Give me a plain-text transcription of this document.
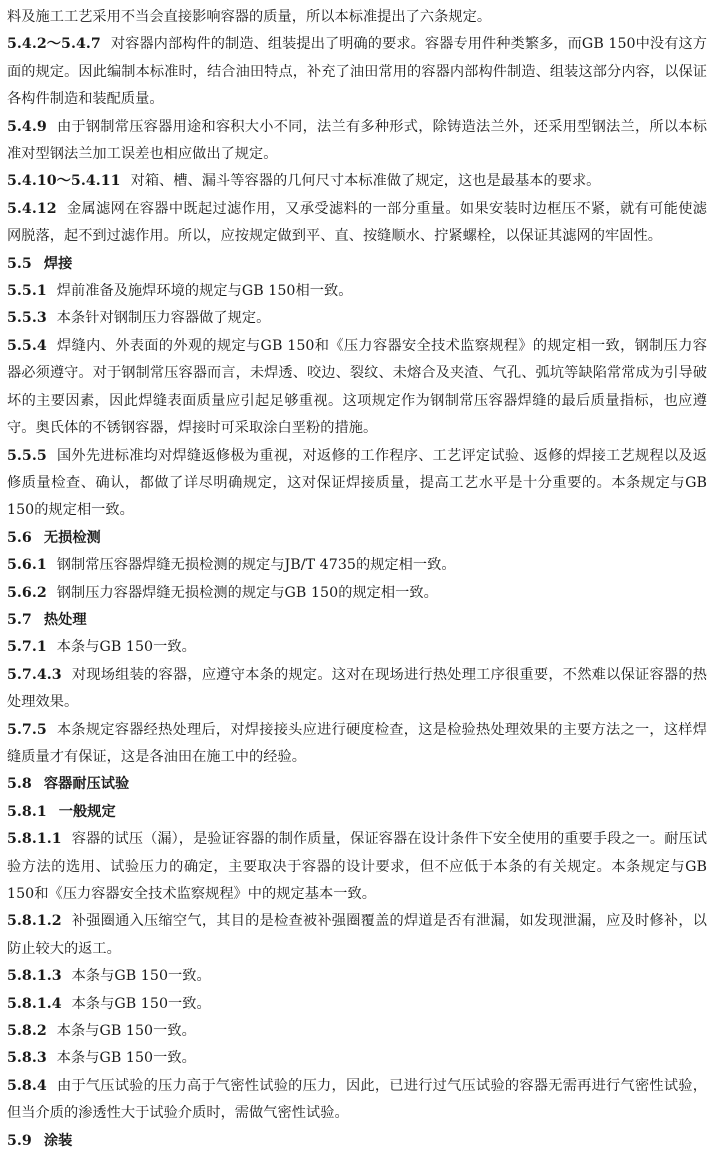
料及施工工艺采用不当会直接影响容器的质量，所以本标准提出了六条规定。
5.4.2～5.4.7 对容器内部构件的制造、组装提出了明确的要求。容器专用件种类繁多，而GB 150中没有这方面的规定。因此编制本标准时，结合油田特点，补充了油田常用的容器内部构件制造、组装这部分内容，以保证各构件制造和装配质量。
5.4.9 由于钢制常压容器用途和容积大小不同，法兰有多种形式，除铸造法兰外，还采用型钢法兰，所以本标准对型钢法兰加工误差也相应做出了规定。
5.4.10～5.4.11 对箱、槽、漏斗等容器的几何尺寸本标准做了规定，这也是最基本的要求。
5.4.12 金属滤网在容器中既起过滤作用，又承受滤料的一部分重量。如果安装时边框压不紧，就有可能使滤网脱落，起不到过滤作用。所以，应按规定做到平、直、按缝顺水、拧紧螺栓，以保证其滤网的牢固性。
5.5 焊接
5.5.1 焊前准备及施焊环境的规定与GB 150相一致。
5.5.3 本条针对钢制压力容器做了规定。
5.5.4 焊缝内、外表面的外观的规定与GB 150和《压力容器安全技术监察规程》的规定相一致，钢制压力容器必须遵守。对于钢制常压容器而言，未焊透、咬边、裂纹、未熔合及夹渣、气孔、弧坑等缺陷常常成为引导破坏的主要因素，因此焊缝表面质量应引起足够重视。这项规定作为钢制常压容器焊缝的最后质量指标，也应遵守。奥氏体的不锈钢容器，焊接时可采取涂白垩粉的措施。
5.5.5 国外先进标准均对焊缝返修极为重视，对返修的工作程序、工艺评定试验、返修的焊接工艺规程以及返修质量检查、确认，都做了详尽明确规定，这对保证焊接质量，提高工艺水平是十分重要的。本条规定与GB 150的规定相一致。
5.6 无损检测
5.6.1 钢制常压容器焊缝无损检测的规定与JB/T 4735的规定相一致。
5.6.2 钢制压力容器焊缝无损检测的规定与GB 150的规定相一致。
5.7 热处理
5.7.1 本条与GB 150一致。
5.7.4.3 对现场组装的容器，应遵守本条的规定。这对在现场进行热处理工序很重要，不然难以保证容器的热处理效果。
5.7.5 本条规定容器经热处理后，对焊接接头应进行硬度检查，这是检验热处理效果的主要方法之一，这样焊缝质量才有保证，这是各油田在施工中的经验。
5.8 容器耐压试验
5.8.1 一般规定
5.8.1.1 容器的试压（漏），是验证容器的制作质量，保证容器在设计条件下安全使用的重要手段之一。耐压试验方法的选用、试验压力的确定，主要取决于容器的设计要求，但不应低于本条的有关规定。本条规定与GB 150和《压力容器安全技术监察规程》中的规定基本一致。
5.8.1.2 补强圈通入压缩空气，其目的是检查被补强圈覆盖的焊道是否有泄漏，如发现泄漏，应及时修补，以防止较大的返工。
5.8.1.3 本条与GB 150一致。
5.8.1.4 本条与GB 150一致。
5.8.2 本条与GB 150一致。
5.8.3 本条与GB 150一致。
5.8.4 由于气压试验的压力高于气密性试验的压力，因此，已进行过气压试验的容器无需再进行气密性试验，但当介质的渗透性大于试验介质时，需做气密性试验。
5.9 涂装
